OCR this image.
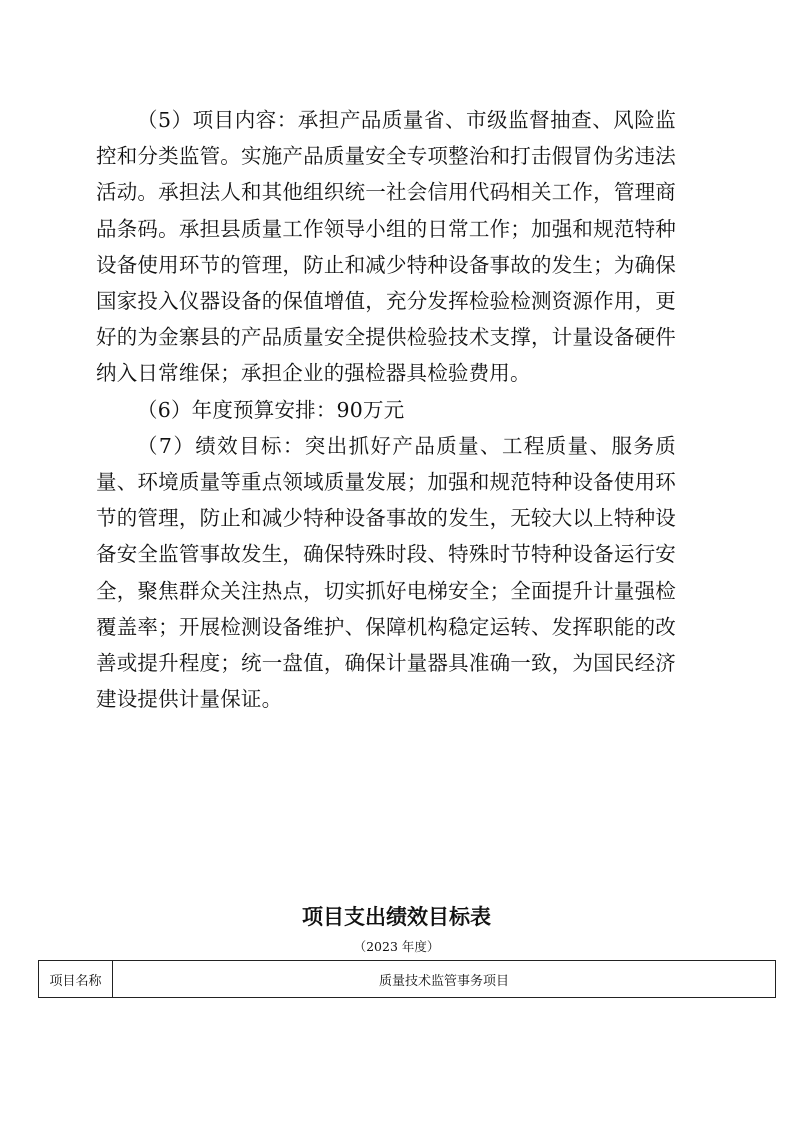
（5）项目内容：承担产品质量省、市级监督抽查、风险监控和分类监管。实施产品质量安全专项整治和打击假冒伪劣违法活动。承担法人和其他组织统一社会信用代码相关工作，管理商品条码。承担县质量工作领导小组的日常工作；加强和规范特种设备使用环节的管理，防止和减少特种设备事故的发生；为确保国家投入仪器设备的保值增值，充分发挥检验检测资源作用，更好的为金寨县的产品质量安全提供检验技术支撑，计量设备硬件纳入日常维保；承担企业的强检器具检验费用。

（6）年度预算安排：90万元

（7）绩效目标：突出抓好产品质量、工程质量、服务质量、环境质量等重点领域质量发展；加强和规范特种设备使用环节的管理，防止和减少特种设备事故的发生，无较大以上特种设备安全监管事故发生，确保特殊时段、特殊时节特种设备运行安全，聚焦群众关注热点，切实抓好电梯安全；全面提升计量强检覆盖率；开展检测设备维护、保障机构稳定运转、发挥职能的改善或提升程度；统一盘值，确保计量器具准确一致，为国民经济建设提供计量保证。

项目支出绩效目标表
（2023 年度）
项目名称	质量技术监管事务项目
